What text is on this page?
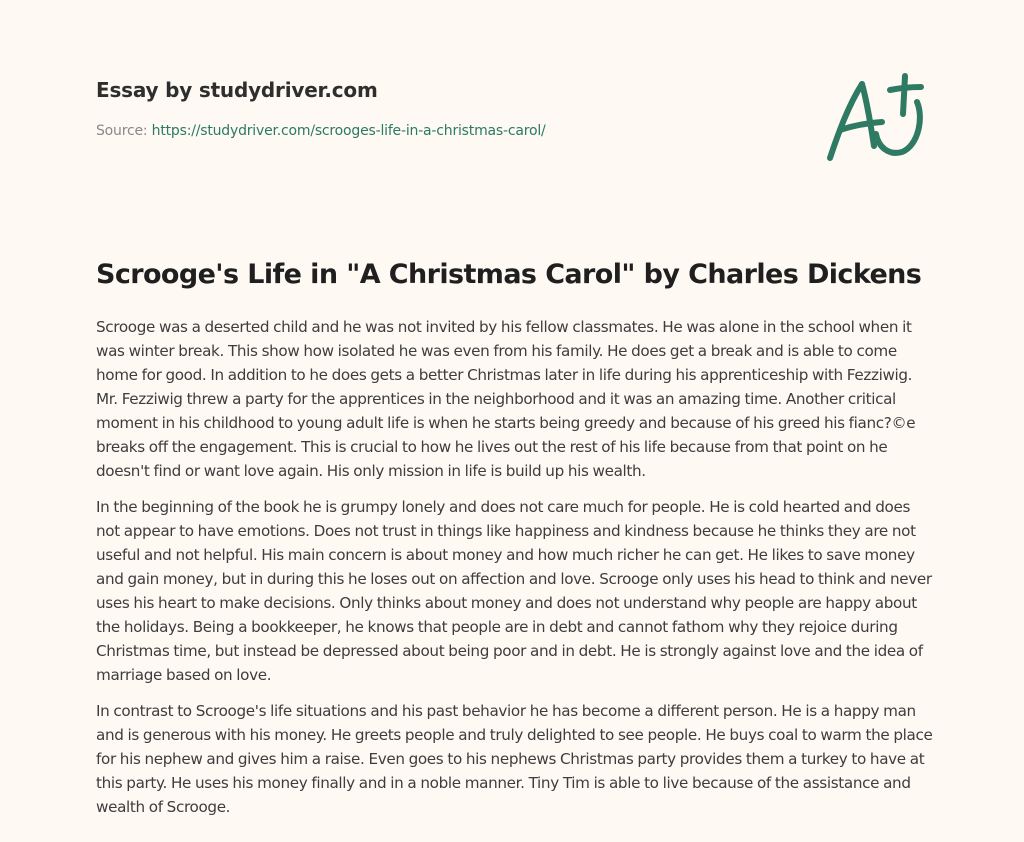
Essay by studydriver.com
Source: https://studydriver.com/scrooges-life-in-a-christmas-carol/
Scrooge's Life in "A Christmas Carol" by Charles Dickens

Scrooge was a deserted child and he was not invited by his fellow classmates. He was alone in the school when it was winter break. This show how isolated he was even from his family. He does get a break and is able to come home for good. In addition to he does gets a better Christmas later in life during his apprenticeship with Fezziwig. Mr. Fezziwig threw a party for the apprentices in the neighborhood and it was an amazing time. Another critical moment in his childhood to young adult life is when he starts being greedy and because of his greed his fianc?©e breaks off the engagement. This is crucial to how he lives out the rest of his life because from that point on he doesn't find or want love again. His only mission in life is build up his wealth.

In the beginning of the book he is grumpy lonely and does not care much for people. He is cold hearted and does not appear to have emotions. Does not trust in things like happiness and kindness because he thinks they are not useful and not helpful. His main concern is about money and how much richer he can get. He likes to save money and gain money, but in during this he loses out on affection and love. Scrooge only uses his head to think and never uses his heart to make decisions. Only thinks about money and does not understand why people are happy about the holidays. Being a bookkeeper, he knows that people are in debt and cannot fathom why they rejoice during Christmas time, but instead be depressed about being poor and in debt. He is strongly against love and the idea of marriage based on love.

In contrast to Scrooge's life situations and his past behavior he has become a different person. He is a happy man and is generous with his money. He greets people and truly delighted to see people. He buys coal to warm the place for his nephew and gives him a raise. Even goes to his nephews Christmas party provides them a turkey to have at this party. He uses his money finally and in a noble manner. Tiny Tim is able to live because of the assistance and wealth of Scrooge.
